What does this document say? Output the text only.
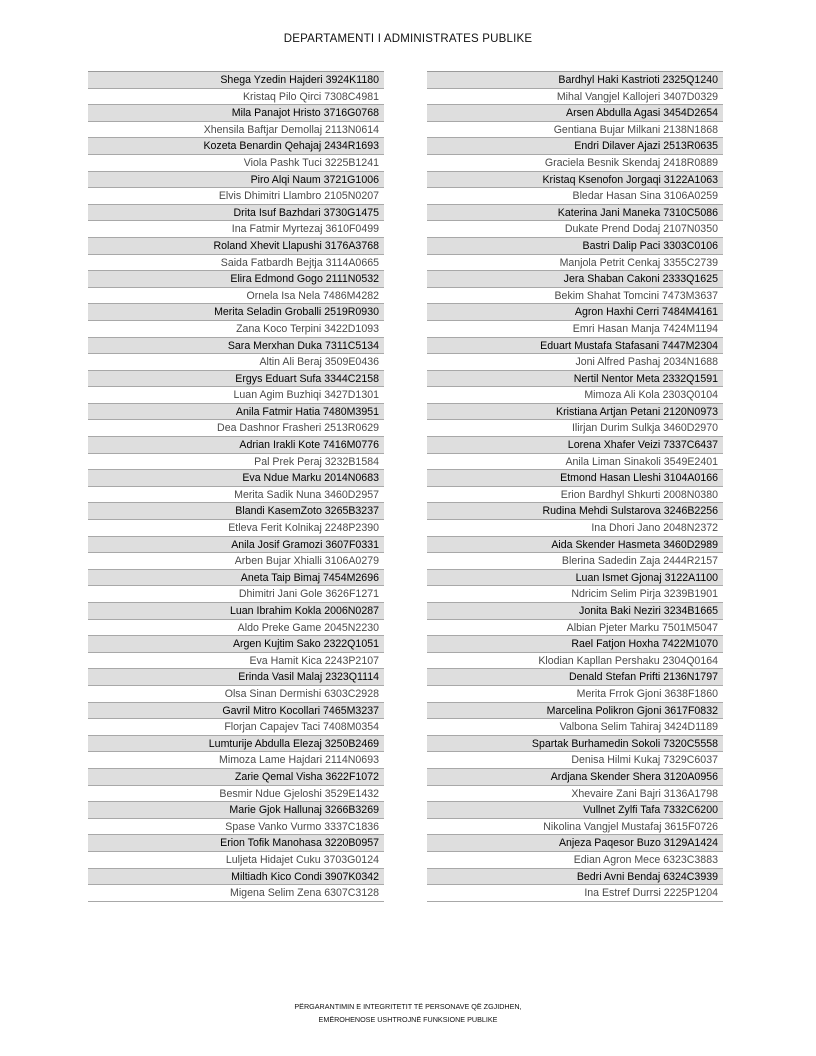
DEPARTAMENTI I ADMINISTRATES PUBLIKE
Shega Yzedin Hajderi 3924K1180
Kristaq Pilo Qirci 7308C4981
Mila Panajot Hristo 3716G0768
Xhensila Baftjar Demollaj 2113N0614
Kozeta Benardin Qehajaj 2434R1693
Viola Pashk Tuci 3225B1241
Piro Alqi Naum 3721G1006
Elvis Dhimitri Llambro 2105N0207
Drita Isuf Bazhdari 3730G1475
Ina Fatmir Myrtezaj 3610F0499
Roland Xhevit Llapushi 3176A3768
Saida Fatbardh Bejtja 3114A0665
Elira Edmond Gogo 2111N0532
Ornela Isa Nela 7486M4282
Merita Seladin Groballi 2519R0930
Zana Koco Terpini 3422D1093
Sara Merxhan Duka 7311C5134
Altin Ali Beraj 3509E0436
Ergys Eduart Sufa 3344C2158
Luan Agim Buzhiqi 3427D1301
Anila Fatmir Hatia 7480M3951
Dea Dashnor Frasheri 2513R0629
Adrian Irakli Kote 7416M0776
Pal Prek Peraj 3232B1584
Eva Ndue Marku 2014N0683
Merita Sadik Nuna 3460D2957
Blandi KasemZoto 3265B3237
Etleva Ferit Kolnikaj 2248P2390
Anila Josif Gramozi 3607F0331
Arben Bujar Xhialli 3106A0279
Aneta Taip Bimaj 7454M2696
Dhimitri Jani Gole 3626F1271
Luan Ibrahim Kokla 2006N0287
Aldo Preke Game 2045N2230
Argen Kujtim Sako 2322Q1051
Eva Hamit Kica 2243P2107
Erinda Vasil Malaj 2323Q1114
Olsa Sinan Dermishi 6303C2928
Gavril Mitro Kocollari 7465M3237
Florjan Capajev Taci 7408M0354
Lumturije Abdulla Elezaj 3250B2469
Mimoza Lame Hajdari 2114N0693
Zarie Qemal Visha 3622F1072
Besmir Ndue Gjeloshi 3529E1432
Marie Gjok Hallunaj 3266B3269
Spase Vanko Vurmo 3337C1836
Erion Tofik Manohasa 3220B0957
Luljeta Hidajet Cuku 3703G0124
Miltiadh Kico Condi 3907K0342
Migena Selim Zena 6307C3128
Bardhyl Haki Kastrioti 2325Q1240
Mihal Vangjel Kallojeri 3407D0329
Arsen Abdulla Agasi 3454D2654
Gentiana Bujar Milkani 2138N1868
Endri Dilaver Ajazi 2513R0635
Graciela Besnik Skendaj 2418R0889
Kristaq Ksenofon Jorgaqi 3122A1063
Bledar Hasan Sina 3106A0259
Katerina Jani Maneka 7310C5086
Dukate Prend Dodaj 2107N0350
Bastri Dalip Paci 3303C0106
Manjola Petrit Cenkaj 3355C2739
Jera Shaban Cakoni 2333Q1625
Bekim Shahat Tomcini 7473M3637
Agron Haxhi Cerri 7484M4161
Emri Hasan Manja 7424M1194
Eduart Mustafa Stafasani 7447M2304
Joni Alfred Pashaj 2034N1688
Nertil Nentor Meta 2332Q1591
Mimoza Ali Kola 2303Q0104
Kristiana Artjan Petani 2120N0973
Ilirjan Durim Sulkja 3460D2970
Lorena Xhafer Veizi 7337C6437
Anila Liman Sinakoli 3549E2401
Etmond Hasan Lleshi 3104A0166
Erion Bardhyl Shkurti 2008N0380
Rudina Mehdi Sulstarova 3246B2256
Ina Dhori Jano 2048N2372
Aida Skender Hasmeta 3460D2989
Blerina Sadedin Zaja 2444R2157
Luan Ismet Gjonaj 3122A1100
Ndricim Selim Pirja 3239B1901
Jonita Baki Neziri 3234B1665
Albian Pjeter Marku 7501M5047
Rael Fatjon Hoxha 7422M1070
Klodian Kapllan Pershaku 2304Q0164
Denald Stefan Prifti 2136N1797
Merita Frrok Gjoni 3638F1860
Marcelina Polikron Gjoni 3617F0832
Valbona Selim Tahiraj 3424D1189
Spartak Burhamedin Sokoli 7320C5558
Denisa Hilmi Kukaj 7329C6037
Ardjana Skender Shera 3120A0956
Xhevaire Zani Bajri 3136A1798
Vullnet Zylfi Tafa 7332C6200
Nikolina Vangjel Mustafaj 3615F0726
Anjeza Paqesor Buzo 3129A1424
Edian Agron Mece 6323C3883
Bedri Avni Bendaj 6324C3939
Ina Estref Durrsi 2225P1204
PËRGARANTIMIN E INTEGRITETIT TË PERSONAVE QË ZGJIDHEN,
EMËROHENOSE USHTROJNË FUNKSIONE PUBLIKE
